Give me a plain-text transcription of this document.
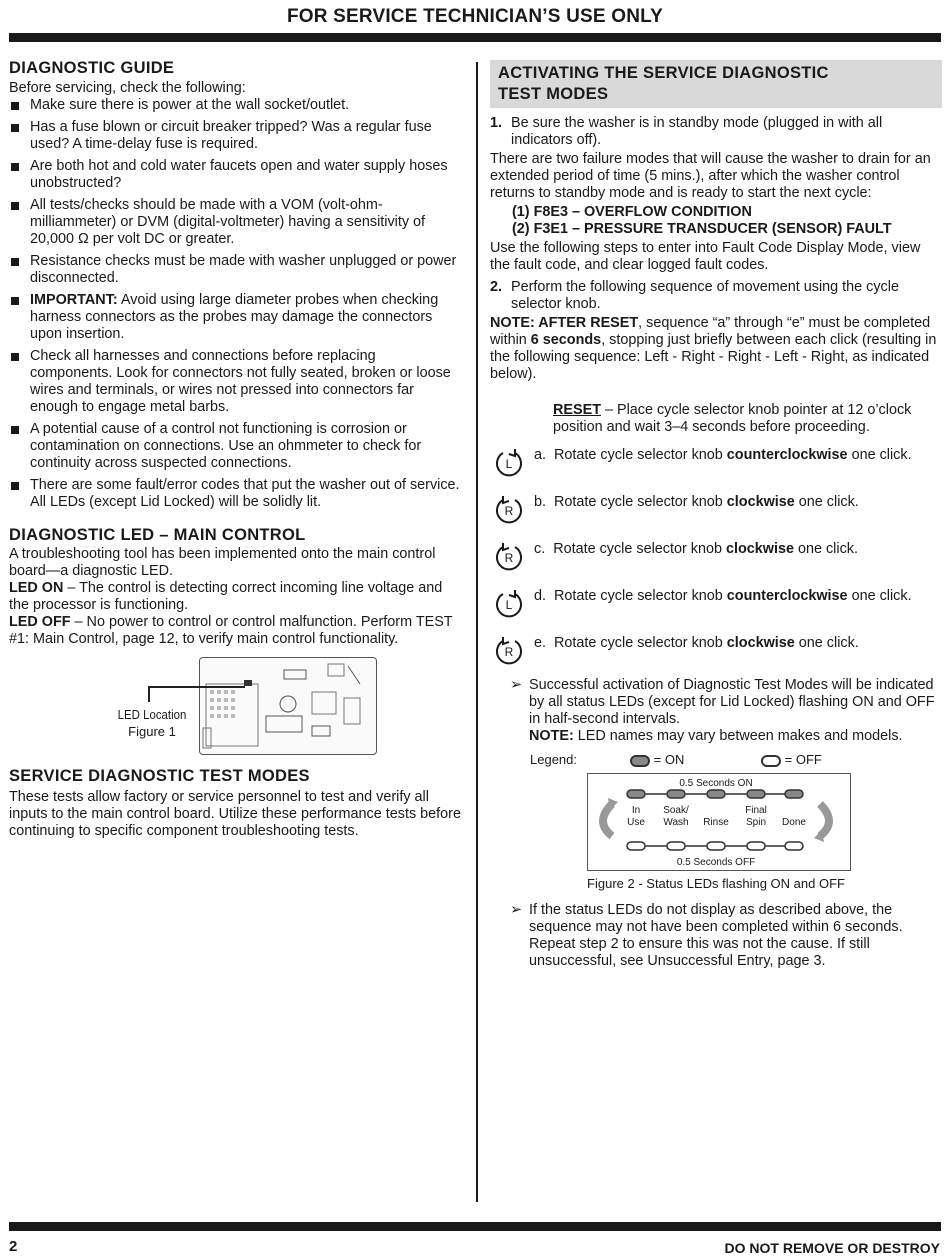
FOR SERVICE TECHNICIAN’S USE ONLY
DIAGNOSTIC GUIDE

Before servicing, check the following:

Make sure there is power at the wall socket/outlet.
Has a fuse blown or circuit breaker tripped? Was a regular fuse used? A time-delay fuse is required.
Are both hot and cold water faucets open and water supply hoses unobstructed?
All tests/checks should be made with a VOM (volt-ohm-milliammeter) or DVM (digital-voltmeter) having a sensitivity of 20,000 Ω per volt DC or greater.
Resistance checks must be made with washer unplugged or power disconnected.
IMPORTANT: Avoid using large diameter probes when checking harness connectors as the probes may damage the connectors upon insertion.
Check all harnesses and connections before replacing components. Look for connectors not fully seated, broken or loose wires and terminals, or wires not pressed into connectors far enough to engage metal barbs.
A potential cause of a control not functioning is corrosion or contamination on connections. Use an ohmmeter to check for continuity across suspected connections.
There are some fault/error codes that put the washer out of service. All LEDs (except Lid Locked) will be solidly lit.
DIAGNOSTIC LED – MAIN CONTROL

A troubleshooting tool has been implemented onto the main control board—a diagnostic LED.

LED ON – The control is detecting correct incoming line voltage and the processor is functioning.

LED OFF – No power to control or control malfunction. Perform TEST #1: Main Control, page 12, to verify main control functionality.

LED Location
Figure 1
SERVICE DIAGNOSTIC TEST MODES

These tests allow factory or service personnel to test and verify all inputs to the main control board. Utilize these performance tests before continuing to specific component troubleshooting tests.

ACTIVATING THE SERVICE DIAGNOSTIC
TEST MODES
1. Be sure the washer is in standby mode (plugged in with all indicators off).

There are two failure modes that will cause the washer to drain for an extended period of time (5 mins.), after which the washer control returns to standby mode and is ready to start the next cycle:

(1) F8E3 – OVERFLOW CONDITION
(2) F3E1 – PRESSURE TRANSDUCER (SENSOR) FAULT

Use the following steps to enter into Fault Code Display Mode, view the fault code, and clear logged fault codes.

2. Perform the following sequence of movement using the cycle selector knob.

NOTE: AFTER RESET, sequence “a” through “e” must be completed within 6 seconds, stopping just briefly between each click (resulting in the following sequence: Left - Right - Right - Left - Right, as indicated below).

RESET – Place cycle selector knob pointer at 12 o’clock position and wait 3–4 seconds before proceeding.

L
a. Rotate cycle selector knob counterclockwise one click.
R
b. Rotate cycle selector knob clockwise one click.
R
c. Rotate cycle selector knob clockwise one click.
L
d. Rotate cycle selector knob counterclockwise one click.
R
e. Rotate cycle selector knob clockwise one click.
➢ Successful activation of Diagnostic Test Modes will be indicated by all status LEDs (except for Lid Locked) flashing ON and OFF in half-second intervals.
NOTE: LED names may vary between makes and models.
Legend:	= ON	= OFF
0.5 Seconds ON
0.5 Seconds OFF
In
Use
Soak/
Wash Rinse
Final
Spin Done
Figure 2 - Status LEDs flashing ON and OFF
➢ If the status LEDs do not display as described above, the sequence may not have been completed within 6 seconds. Repeat step 2 to ensure this was not the cause. If still unsuccessful, see Unsuccessful Entry, page 3.
2	DO NOT REMOVE OR DESTROY
